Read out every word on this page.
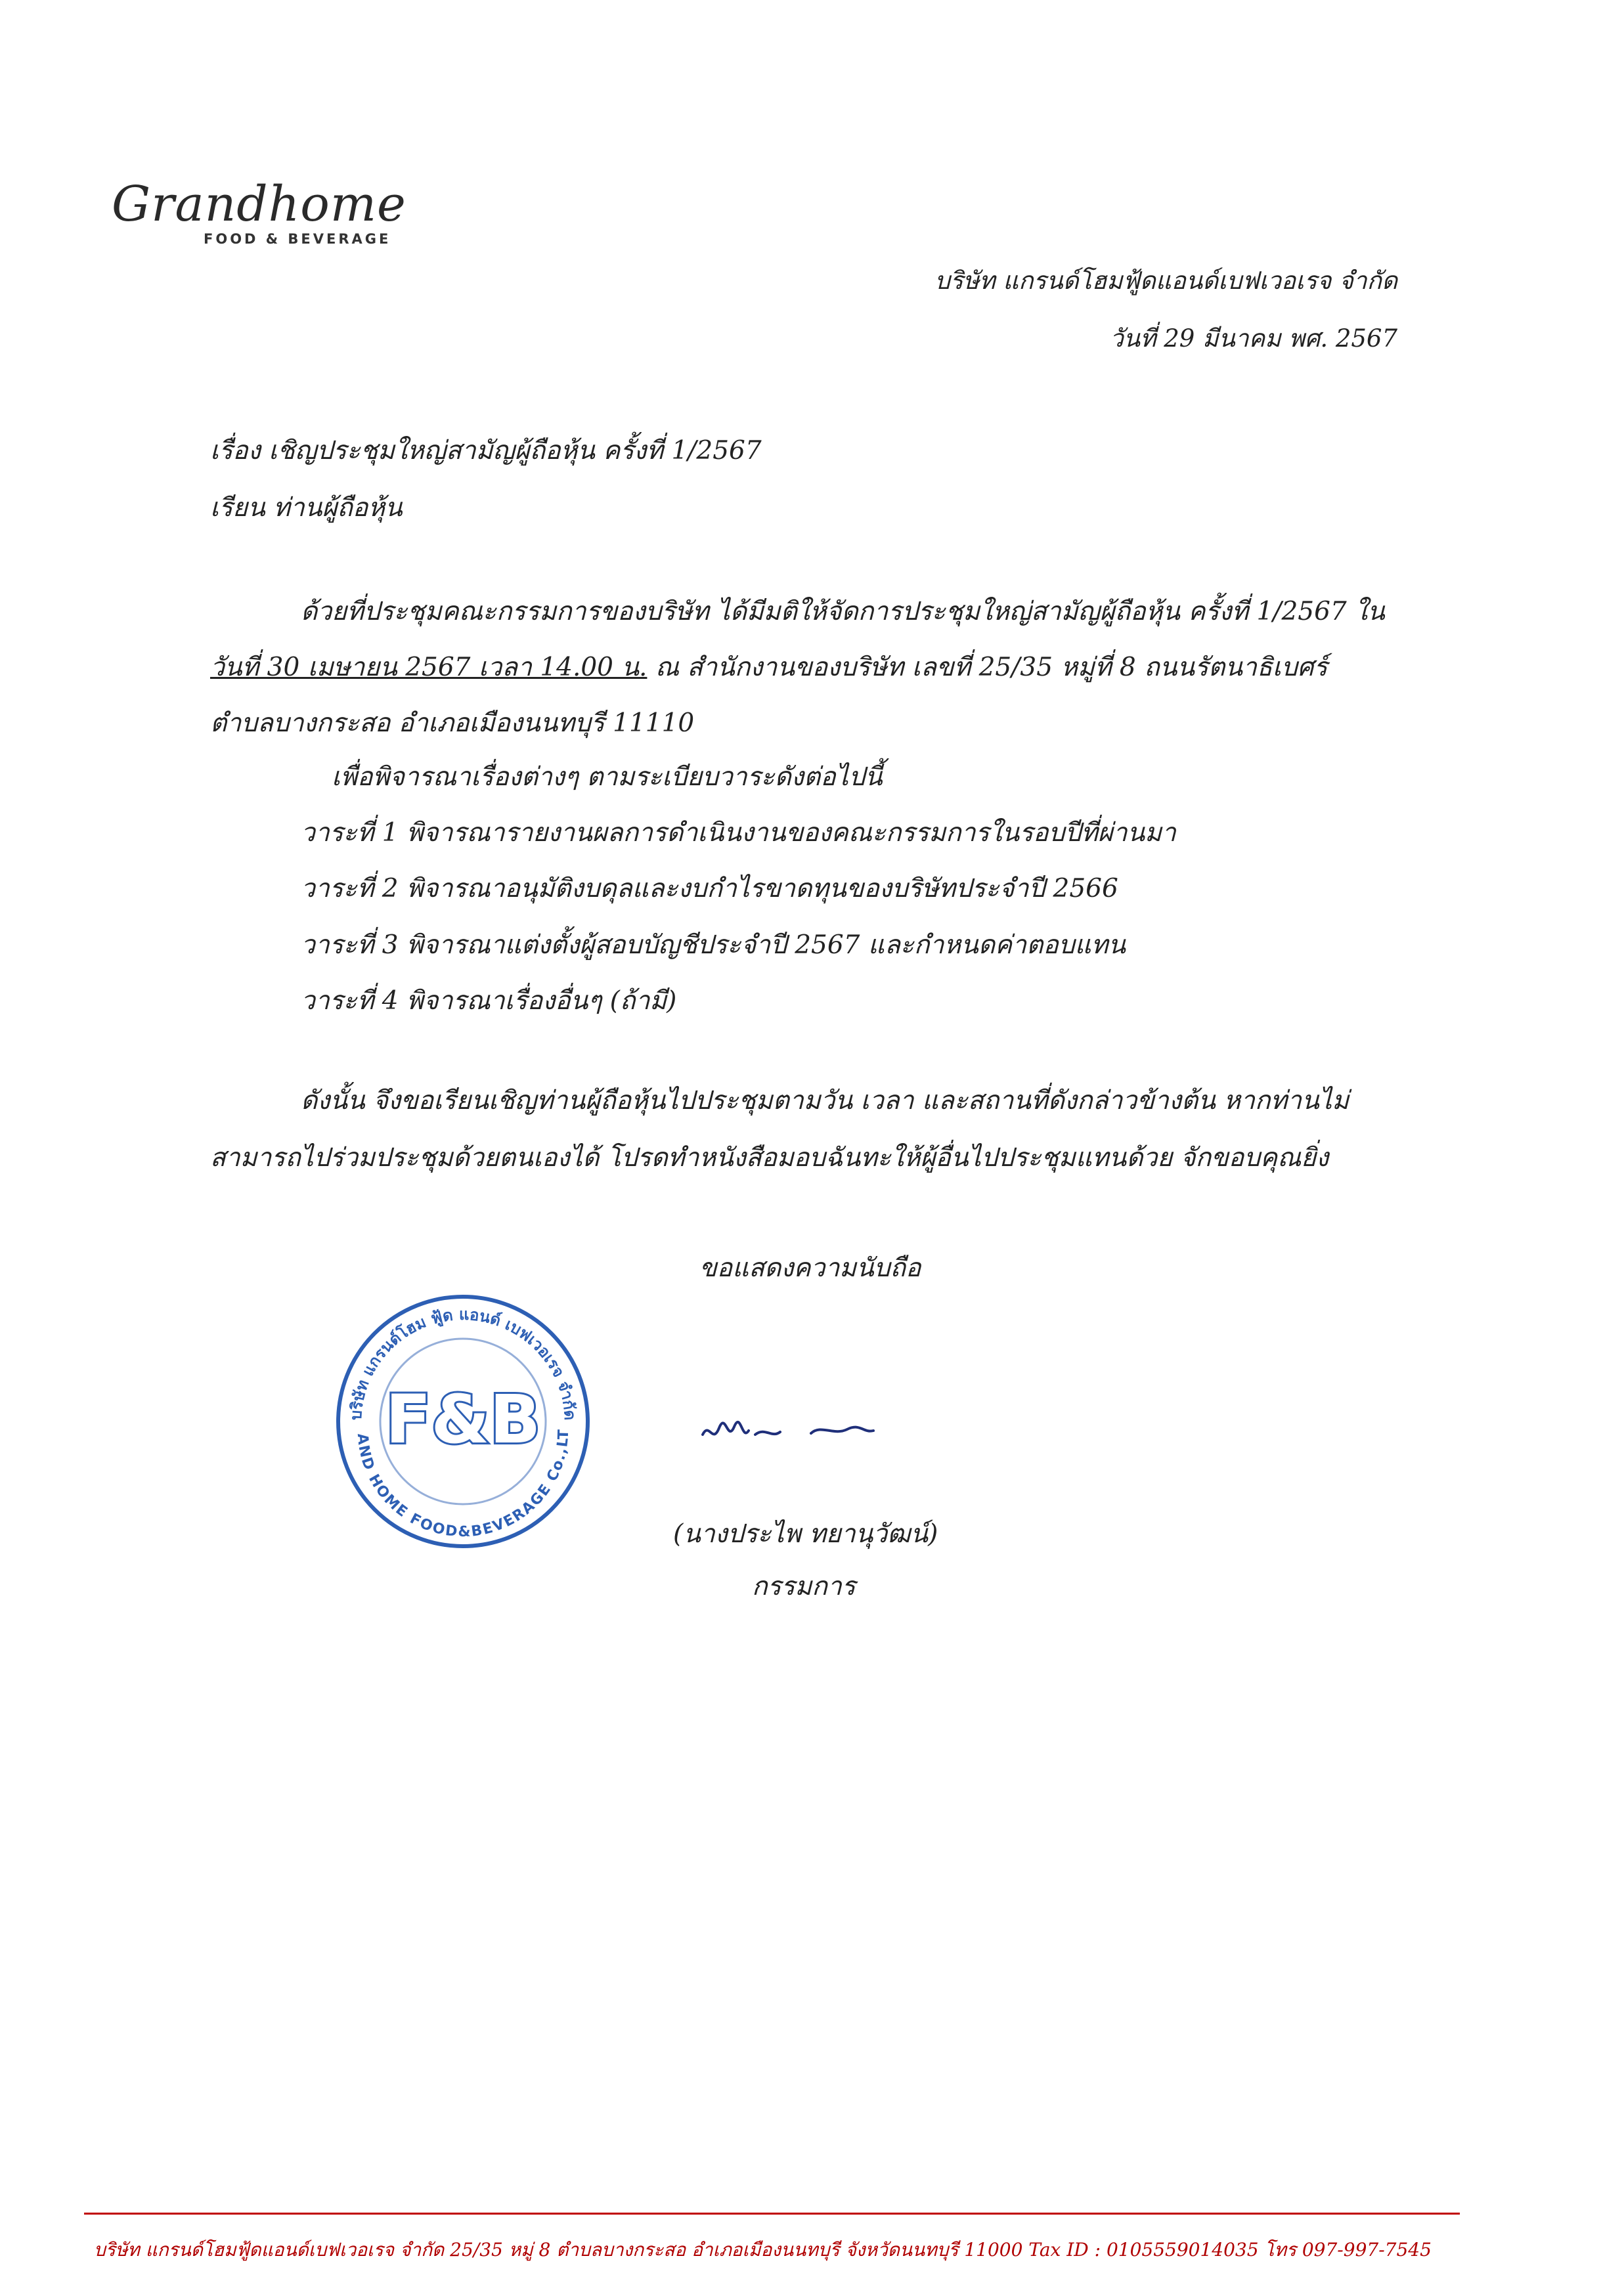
Grandhome
FOOD & BEVERAGE
บริษัท แกรนด์โฮมฟู้ดแอนด์เบฟเวอเรจ จำกัด
วันที่ 29 มีนาคม พศ. 2567
เรื่อง เชิญประชุมใหญ่สามัญผู้ถือหุ้น ครั้งที่ 1/2567
เรียน ท่านผู้ถือหุ้น
ด้วยที่ประชุมคณะกรรมการของบริษัท ได้มีมติให้จัดการประชุมใหญ่สามัญผู้ถือหุ้น ครั้งที่ 1/2567 ใน
วันที่ 30 เมษายน 2567 เวลา 14.00 น. ณ สำนักงานของบริษัท เลขที่ 25/35 หมู่ที่ 8 ถนนรัตนาธิเบศร์
ตำบลบางกระสอ อำเภอเมืองนนทบุรี 11110
เพื่อพิจารณาเรื่องต่างๆ ตามระเบียบวาระดังต่อไปนี้
วาระที่ 1 พิจารณารายงานผลการดำเนินงานของคณะกรรมการในรอบปีที่ผ่านมา
วาระที่ 2 พิจารณาอนุมัติงบดุลและงบกำไรขาดทุนของบริษัทประจำปี 2566
วาระที่ 3 พิจารณาแต่งตั้งผู้สอบบัญชีประจำปี 2567 และกำหนดค่าตอบแทน
วาระที่ 4 พิจารณาเรื่องอื่นๆ (ถ้ามี)
ดังนั้น จึงขอเรียนเชิญท่านผู้ถือหุ้นไปประชุมตามวัน เวลา และสถานที่ดังกล่าวข้างต้น หากท่านไม่
สามารถไปร่วมประชุมด้วยตนเองได้ โปรดทำหนังสือมอบฉันทะให้ผู้อื่นไปประชุมแทนด้วย จักขอบคุณยิ่ง
ขอแสดงความนับถือ
บริษัท แกรนด์โฮม ฟู้ด แอนด์ เบฟเวอเรจ จำกัด
AND HOME FOOD&BEVERAGE Co.,LT
F&B
(นางประไพ ทยานุวัฒน์)
กรรมการ
บริษัท แกรนด์โฮมฟู้ดแอนด์เบฟเวอเรจ จำกัด 25/35 หมู่ 8 ตำบลบางกระสอ อำเภอเมืองนนทบุรี จังหวัดนนทบุรี 11000 Tax ID : 0105559014035 โทร 097-997-7545
